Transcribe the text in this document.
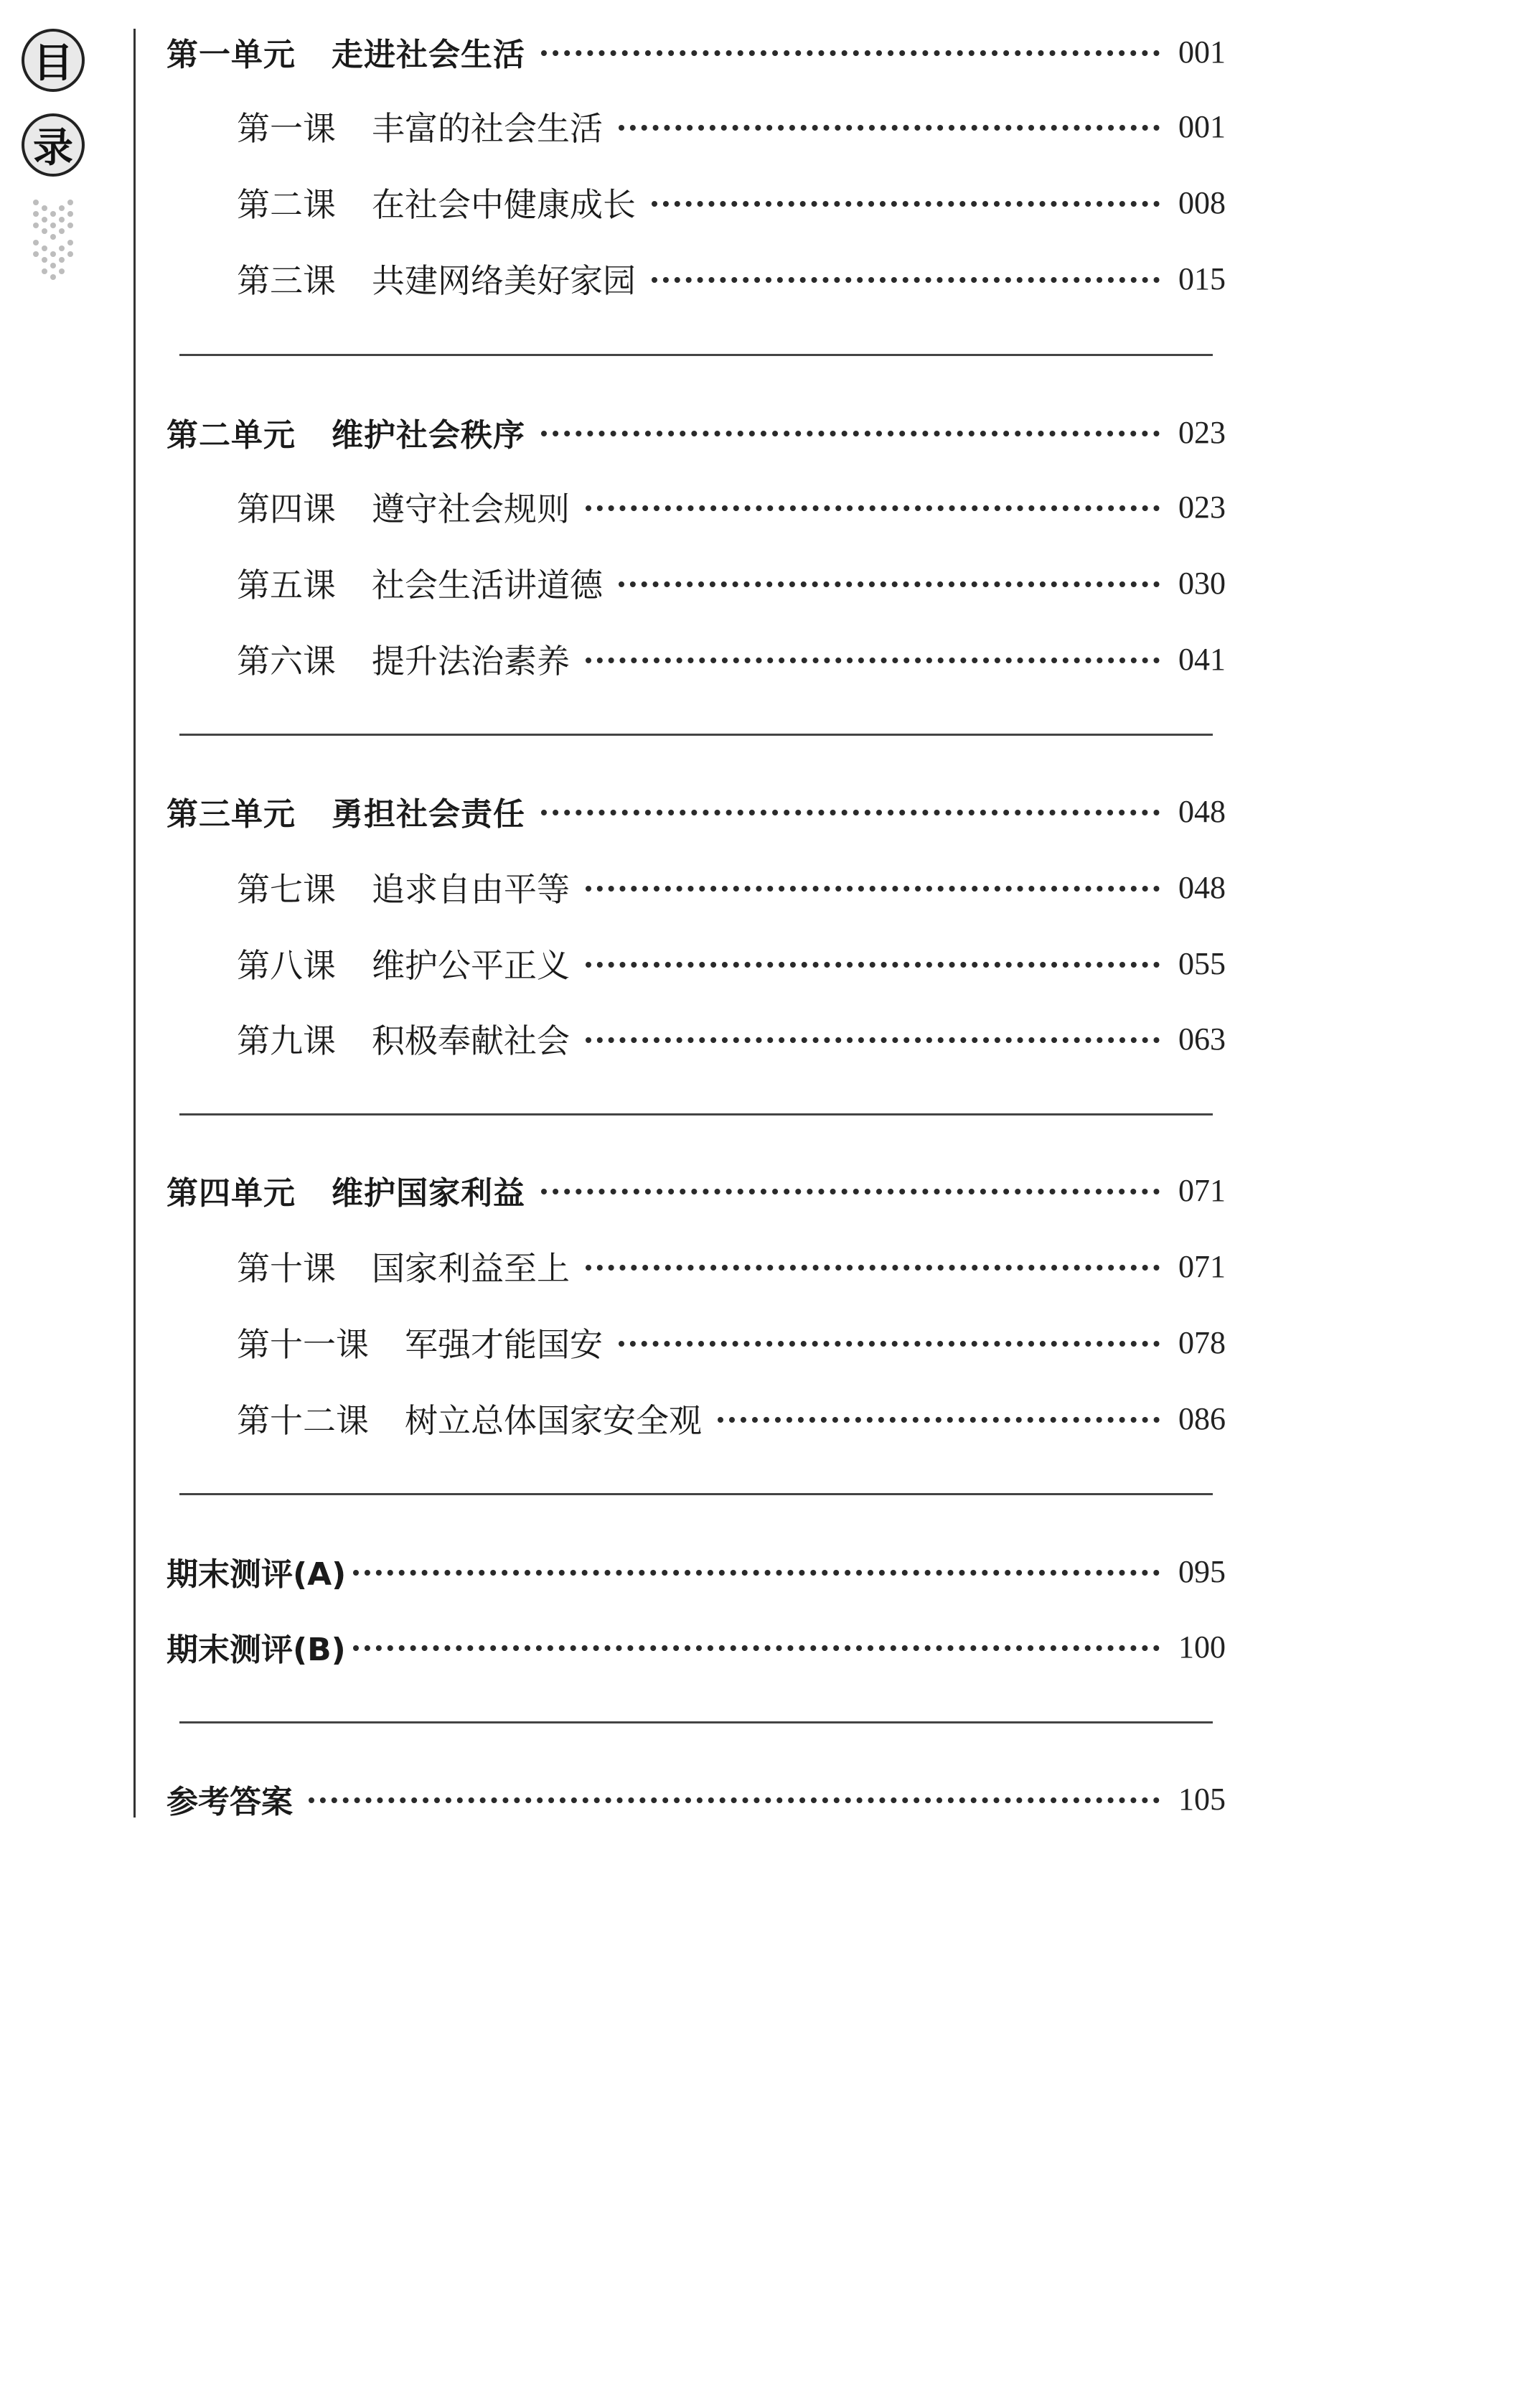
目
录
第一单元 走进社会生活	001
第一课 丰富的社会生活	001
第二课 在社会中健康成长	008
第三课 共建网络美好家园	015
第二单元 维护社会秩序	023
第四课 遵守社会规则	023
第五课 社会生活讲道德	030
第六课 提升法治素养	041
第三单元 勇担社会责任	048
第七课 追求自由平等	048
第八课 维护公平正义	055
第九课 积极奉献社会	063
第四单元 维护国家利益	071
第十课 国家利益至上	071
第十一课 军强才能国安	078
第十二课 树立总体国家安全观	086
期末测评(A)	095
期末测评(B)	100
参考答案	105
